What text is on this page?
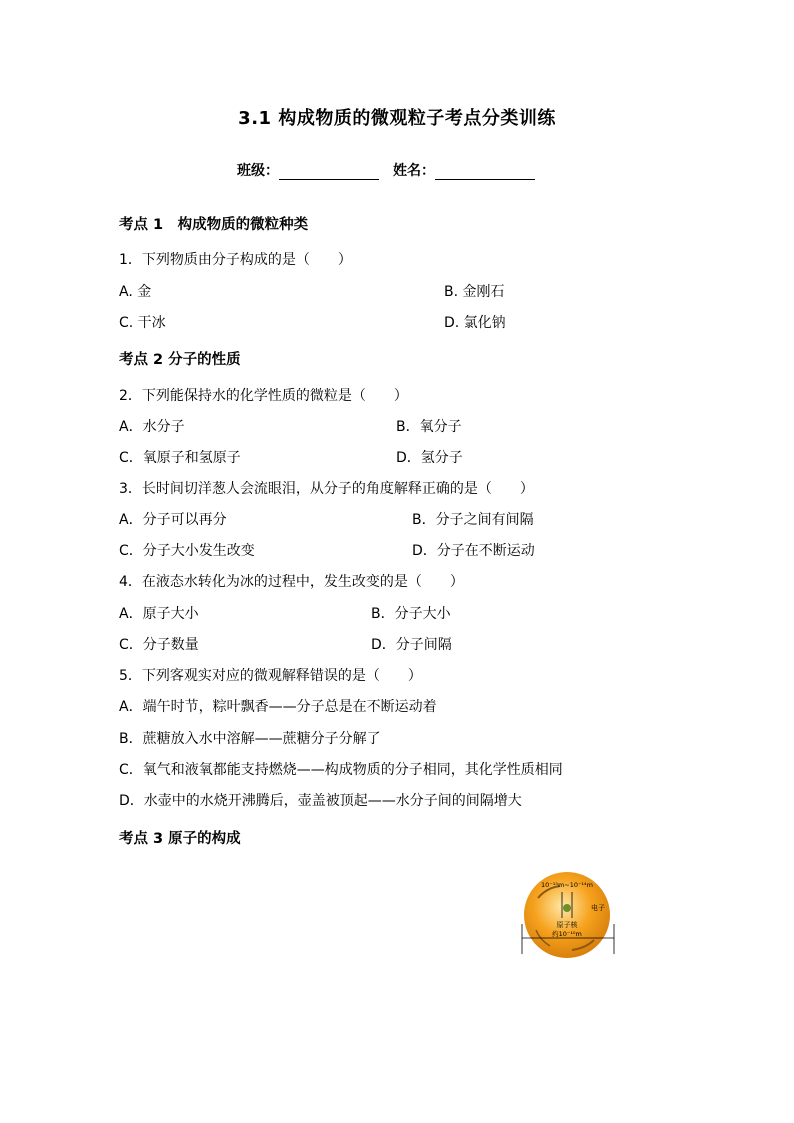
3.1 构成物质的微观粒子考点分类训练
班级：	姓名：
考点 1　构成物质的微粒种类
1．下列物质由分子构成的是（　　）
A. 金	B. 金刚石
C. 干冰	D. 氯化钠
考点 2 分子的性质
2．下列能保持水的化学性质的微粒是（　　）
A．水分子	B．氧分子
C．氧原子和氢原子	D．氢分子
3．长时间切洋葱人会流眼泪，从分子的角度解释正确的是（　　）
A．分子可以再分	B．分子之间有间隔
C．分子大小发生改变	D．分子在不断运动
4．在液态水转化为冰的过程中，发生改变的是（　　）
A．原子大小	B．分子大小
C．分子数量	D．分子间隔
5．下列客观实对应的微观解释错误的是（　　）
A．端午时节，粽叶飘香——分子总是在不断运动着
B．蔗糖放入水中溶解——蔗糖分子分解了
C．氧气和液氧都能支持燃烧——构成物质的分子相同，其化学性质相同
D．水壶中的水烧开沸腾后，壶盖被顶起——水分子间的间隔增大
考点 3 原子的构成
10⁻¹⁵m~10⁻¹⁴m
电子
原子核
约10⁻¹⁰m
